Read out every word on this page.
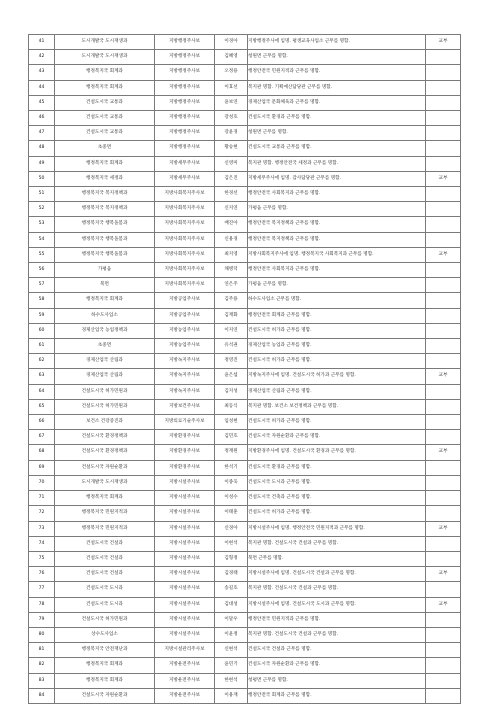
41	도시개발국 도시재생과	지방행정주사보	이경아	지방행정주사에 임명. 평생교육사업소 근무를 명함.	교부
42	도시개발국 도시재생과	지방행정주사보	김혜영	청원면 근무를 명함.	
43	행정복지국 회계과	지방행정주사보	오정용	행정안전국 민원지적과 근무를 명함.	
44	행정복지국 회계과	지방행정주사보	이효선	복지관 명함. 기획예산담당관 근무를 명함.	
45	건설도시국 교통과	지방행정주사보	윤보연	경제산업국 문화체육과 근무를 명함.	
46	건설도시국 교통과	지방행정주사보	강성호	건설도시국 환경과 근무를 명함.	
47	건설도시국 교통과	지방행정주사보	강윤경	청원면 근무를 명함.	
48	초중면	지방행정주사보	황승현	건설도시국 교통과 근무를 명함.	
49	행정복지국 회계과	지방세무주사보	신영미	복지관 명함. 행정안전국 세정과 근무를 명함.	
50	행정복지국 세정과	지방세무주사보	김은진	지방세무주사에 임명. 감사담당관 근무를 명함.	교부
51	행정복지국 복지정책과	지방사회복지주사보	한경선	행정안전국 사회복지과 근무를 명함.	
52	행정복지국 복지정책과	지방사회복지주사보	신지연	가평읍 근무를 명함.	
53	행정복지국 행복돌봄과	지방사회복지주사보	배진아	행정안전국 복지정책과 근무를 명함.	
54	행정복지국 행복돌봄과	지방사회복지주사보	신용경	행정안전국 복지정책과 근무를 명함.	
55	행정복지국 행복돌봄과	지방사회복지주사보	최지영	지방사회복지주사에 임명. 행정복지국 사회복지과 근무를 명함.	교부
56	가평읍	지방사회복지주사보	채병덕	행정안전국 사회복지과 근무를 명함.	
57	북면	지방사회복지주사보	연은주	가평읍 근무를 명함.	
58	행정복지국 회계과	지방공업주사보	김주용	하수도사업소 근무를 명함.	
59	하수도사업소	지방공업주사보	김재화	행정안전국 회계과 근무를 명함.	
60	경제산업국 농업정책과	지방농업주사보	이지연	건설도시국 허가과 근무를 명함.	
61	초중면	지방농업주사보	유석권	경제산업국 농업과 근무를 명함.	
62	경제산업국 산림과	지방녹지주사보	정영진	건설도시국 허가과 근무를 명함.	
63	경제산업국 산림과	지방녹지주사보	윤은섭	지방녹지주사에 임명. 건설도시국 허가과 근무를 명함.	교부
64	건설도시국 허가민원과	지방녹지주사보	김지성	경제산업국 산림과 근무를 명함.	
65	건설도시국 허가민원과	지방보건주사보	최동식	복지관 명함. 보건소 보건정책과 근무를 명함.	
66	보건소 건강증진과	지방의료기술주사보	임성현	건설도시국 허가과 근무를 명함.	
67	건설도시국 환경정책과	지방환경주사보	김민호	건설도시국 자원순환과 근무를 명함.	
68	건설도시국 환경정책과	지방환경주사보	정재원	지방환경주사에 임명. 건설도시국 환경과 근무를 명함.	교부
69	건설도시국 자원순환과	지방환경주사보	한석기	건설도시국 환경과 근무를 명함.	
70	도시개발국 도시재생과	지방시설주사보	이종욱	건설도시국 도시과 근무를 명함.	
71	행정복지국 회계과	지방시설주사보	이성수	건설도시국 건축과 근무를 명함.	
72	행정복지국 민원지적과	지방시설주사보	이태훈	건설도시국 허가과 근무를 명함.	
73	행정복지국 민원지적과	지방시설주사보	신경아	지방시설주사에 임명. 행정안전국 민원지적과 근무를 명함.	교부
74	건설도시국 건설과	지방시설주사보	이현석	복지관 명함. 건설도시국 건설과 근무를 명함.	
75	건설도시국 건설과	지방시설주사보	김형정	북면 근무를 명함.	
76	건설도시국 건설과	지방시설주사보	김경태	지방시설주사에 임명. 건설도시국 건설과 근무를 명함.	교부
77	건설도시국 도시과	지방시설주사보	송길호	복지관 명함. 건설도시국 건설과 근무를 명함.	
78	건설도시국 도시과	지방시설주사보	김대성	지방시설주사에 임명. 건설도시국 도시과 근무를 명함.	교부
79	건설도시국 허가민원과	지방시설주사보	이달우	행정안전국 민원지적과 근무를 명함.	
80	상수도사업소	지방시설주사보	이윤정	복지관 명함. 건설도시국 건설과 근무를 명함.	
81	행정복지국 안전재난과	지방시설관리주사보	신현석	건설도시국 건설과 근무를 명함.	
82	행정복지국 회계과	지방운전주사보	윤민기	건설도시국 자원순환과 근무를 명함.	
83	행정복지국 회계과	지방운전주사보	한현석	청평면 근무를 명함.	
84	건설도시국 자원순환과	지방운전주사보	이용재	행정안전국 회계과 근무를 명함.	
